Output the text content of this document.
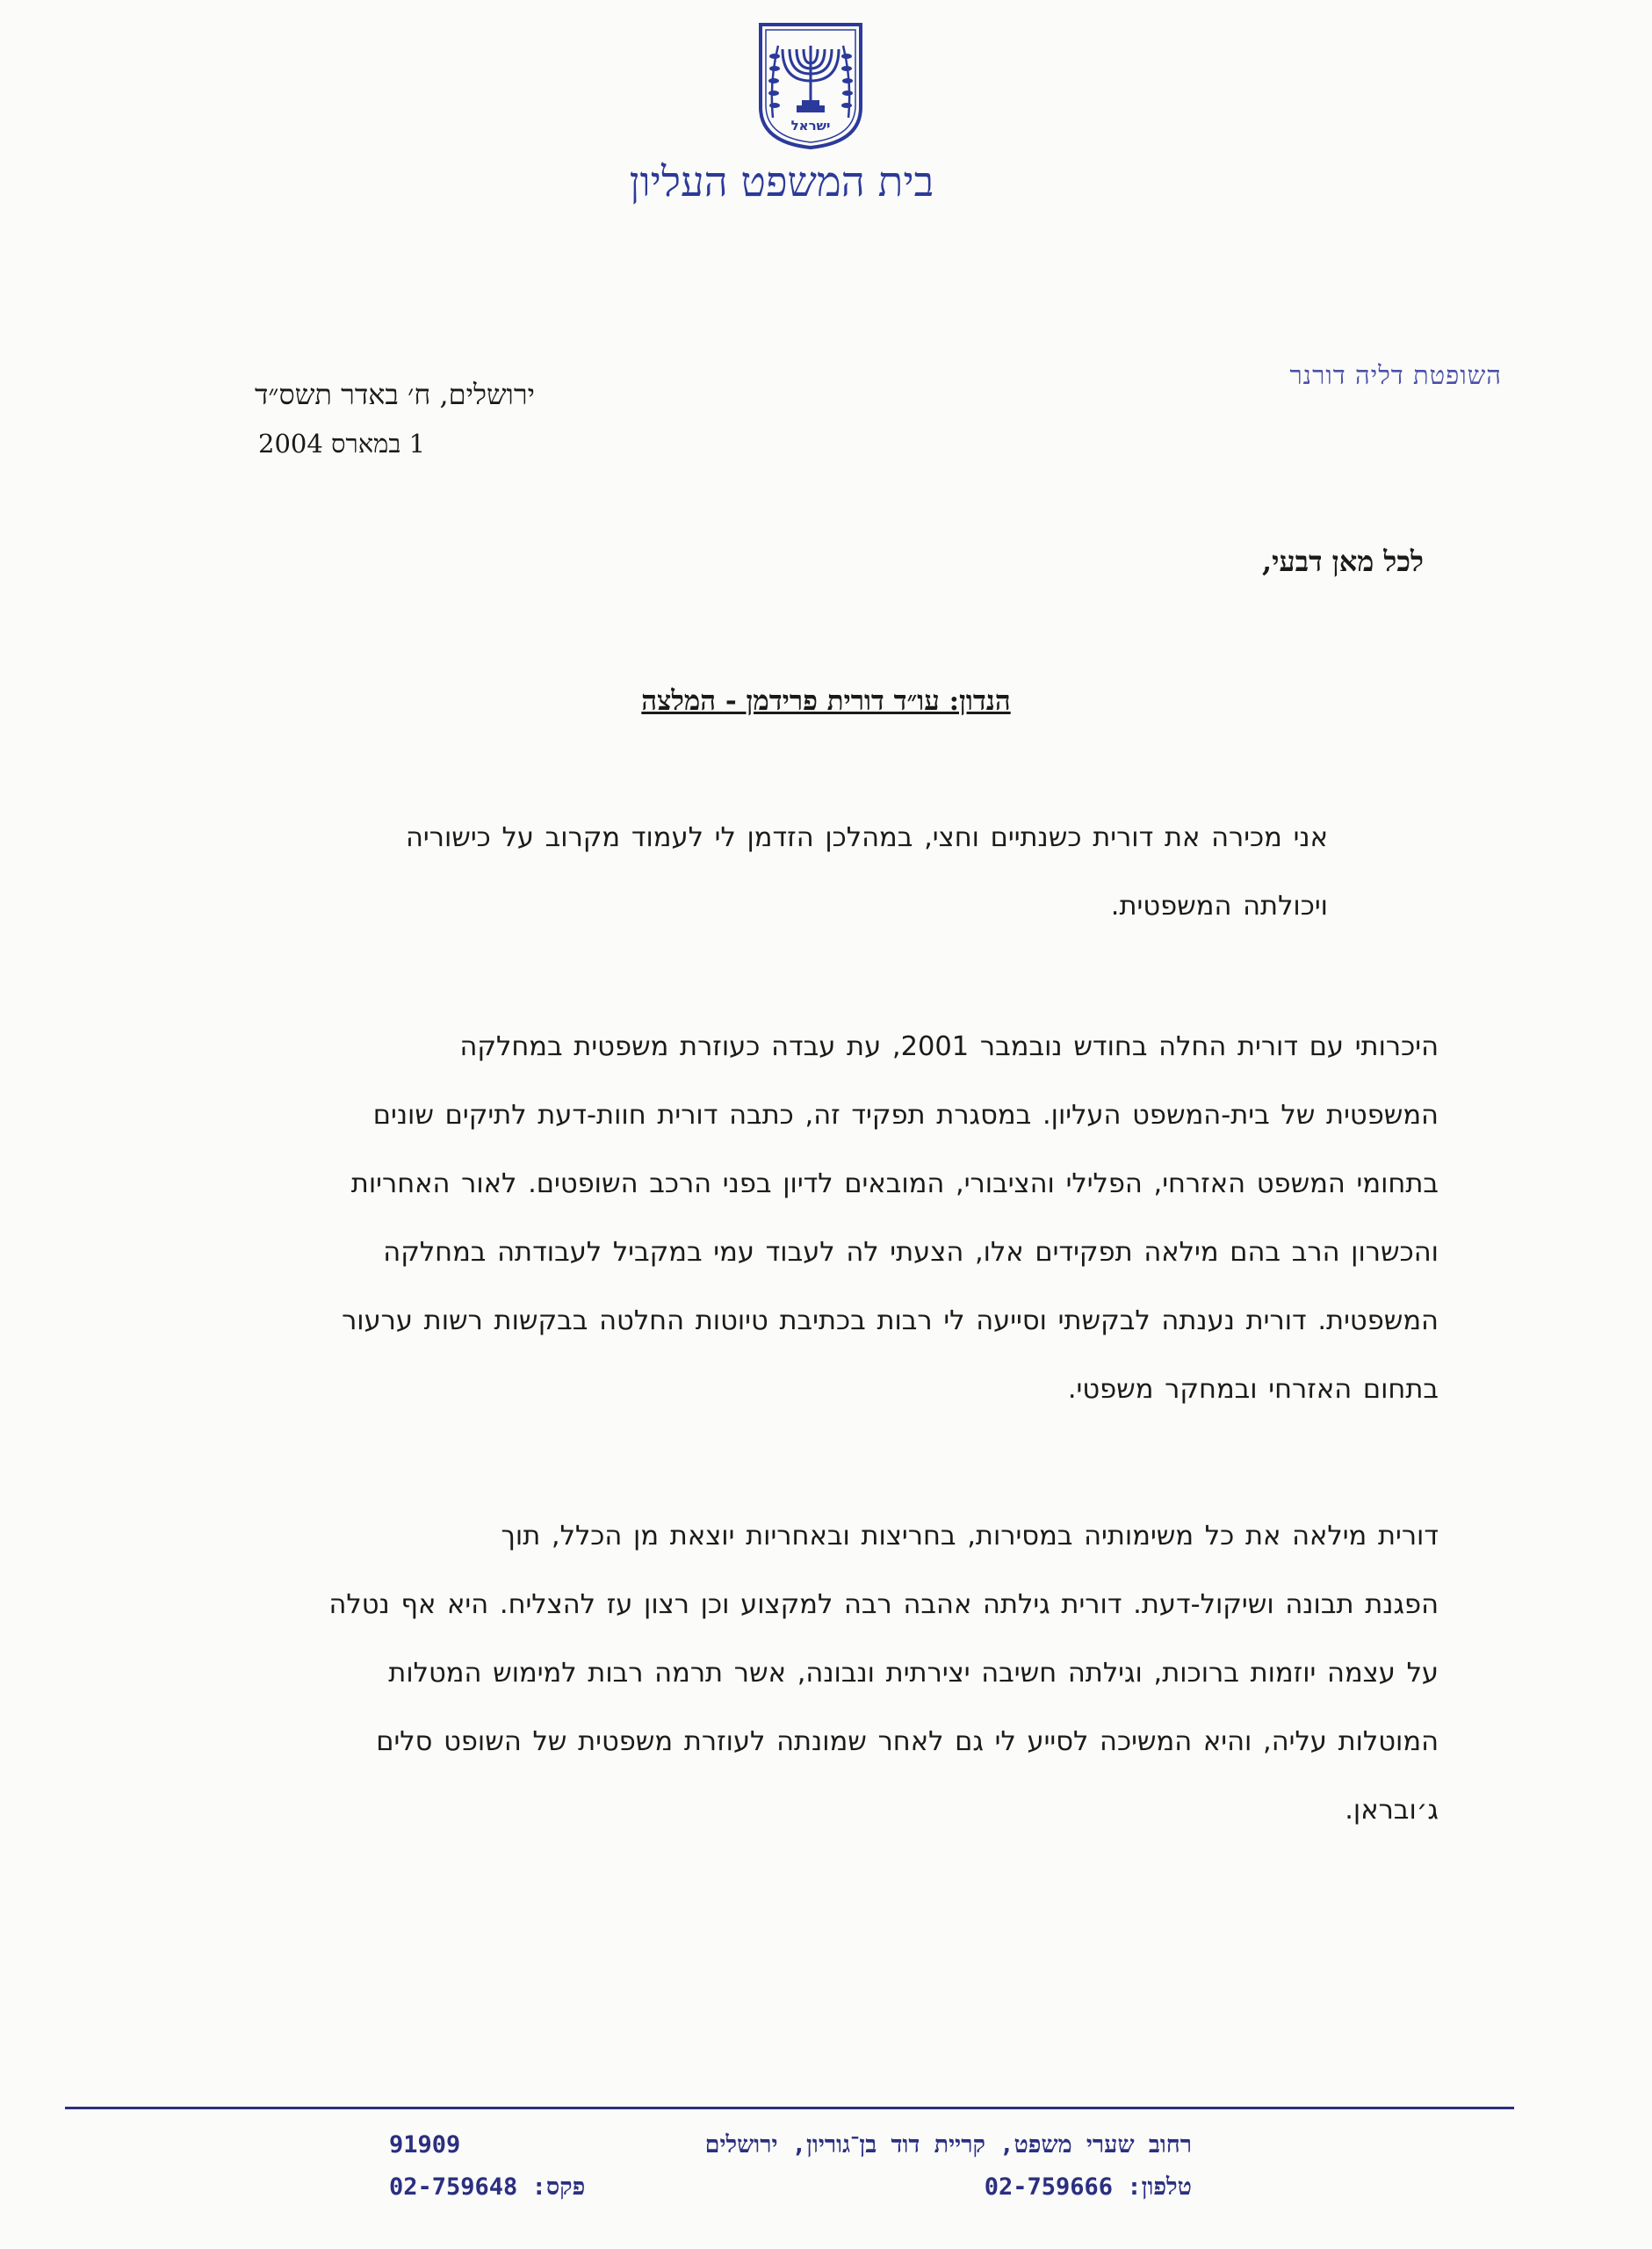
ישראל
בית המשפט העליון
השופטת דליה דורנר
ירושלים, ח׳ באדר תשס״ד
1 במארס 2004
לכל מאן דבעי,
הנדון: עו״ד דורית פרידמן - המלצה
אני מכירה את דורית כשנתיים וחצי, במהלכן הזדמן לי לעמוד מקרוב על כישוריה
ויכולתה המשפטית.
היכרותי עם דורית החלה בחודש נובמבר 2001, עת עבדה כעוזרת משפטית במחלקה
המשפטית של בית-המשפט העליון. במסגרת תפקיד זה, כתבה דורית חוות-דעת לתיקים שונים
בתחומי המשפט האזרחי, הפלילי והציבורי, המובאים לדיון בפני הרכב השופטים. לאור האחריות
והכשרון הרב בהם מילאה תפקידים אלו, הצעתי לה לעבוד עמי במקביל לעבודתה במחלקה
המשפטית. דורית נענתה לבקשתי וסייעה לי רבות בכתיבת טיוטות החלטה בבקשות רשות ערעור
בתחום האזרחי ובמחקר משפטי.
דורית מילאה את כל משימותיה במסירות, בחריצות ובאחריות יוצאת מן הכלל, תוך
הפגנת תבונה ושיקול-דעת. דורית גילתה אהבה רבה למקצוע וכן רצון עז להצליח. היא אף נטלה
על עצמה יוזמות ברוכות, וגילתה חשיבה יצירתית ונבונה, אשר תרמה רבות למימוש המטלות
המוטלות עליה, והיא המשיכה לסייע לי גם לאחר שמונתה לעוזרת משפטית של השופט סלים
ג׳ובראן.
רחוב שערי משפט, קריית דוד בן־גוריון, ירושלים
91909
טלפון: 02-759666
פקס: 02-759648
